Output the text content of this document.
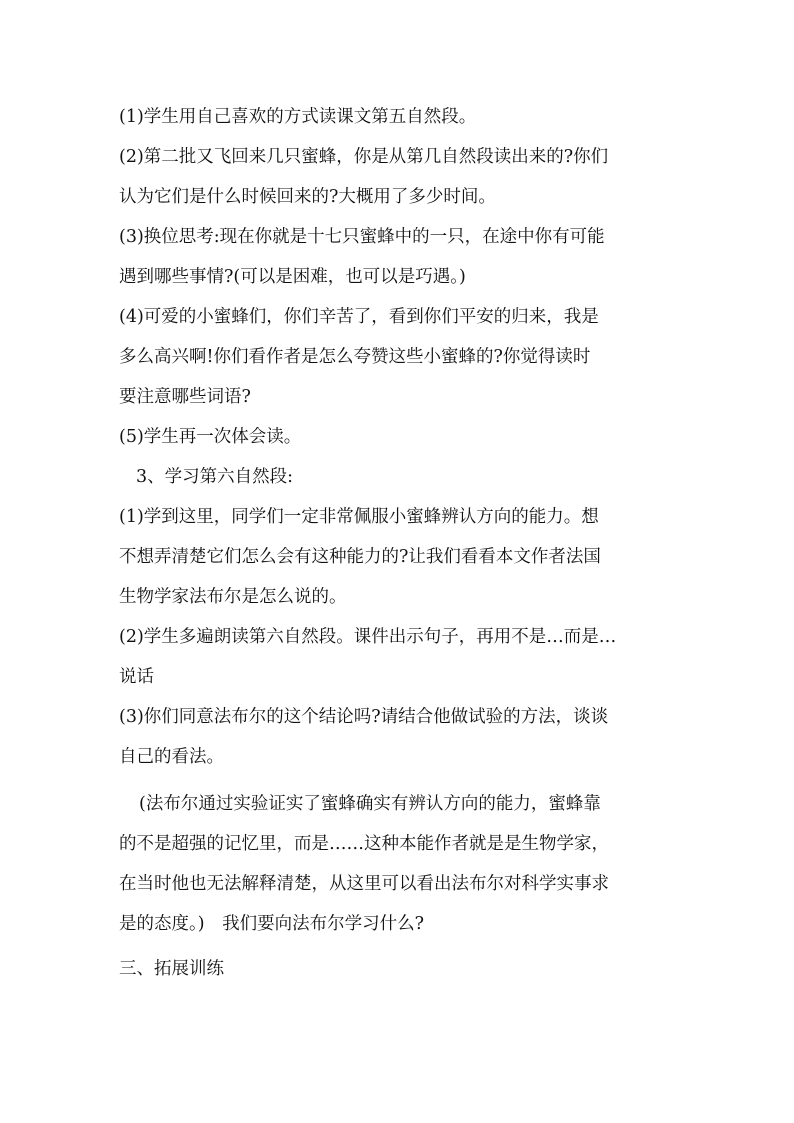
(1)学生用自己喜欢的方式读课文第五自然段。
(2)第二批又飞回来几只蜜蜂，你是从第几自然段读出来的?你们
认为它们是什么时候回来的?大概用了多少时间。
(3)换位思考:现在你就是十七只蜜蜂中的一只，在途中你有可能
遇到哪些事情?(可以是困难，也可以是巧遇。)
(4)可爱的小蜜蜂们，你们辛苦了，看到你们平安的归来，我是
多么高兴啊!你们看作者是怎么夸赞这些小蜜蜂的?你觉得读时
要注意哪些词语?
(5)学生再一次体会读。
3、学习第六自然段:
(1)学到这里，同学们一定非常佩服小蜜蜂辨认方向的能力。想
不想弄清楚它们怎么会有这种能力的?让我们看看本文作者法国
生物学家法布尔是怎么说的。
(2)学生多遍朗读第六自然段。课件出示句子，再用不是…而是…
说话
(3)你们同意法布尔的这个结论吗?请结合他做试验的方法，谈谈
自己的看法。
(法布尔通过实验证实了蜜蜂确实有辨认方向的能力，蜜蜂靠
的不是超强的记忆里，而是……这种本能作者就是是生物学家，
在当时他也无法解释清楚，从这里可以看出法布尔对科学实事求
是的态度。)　我们要向法布尔学习什么?
三、拓展训练
